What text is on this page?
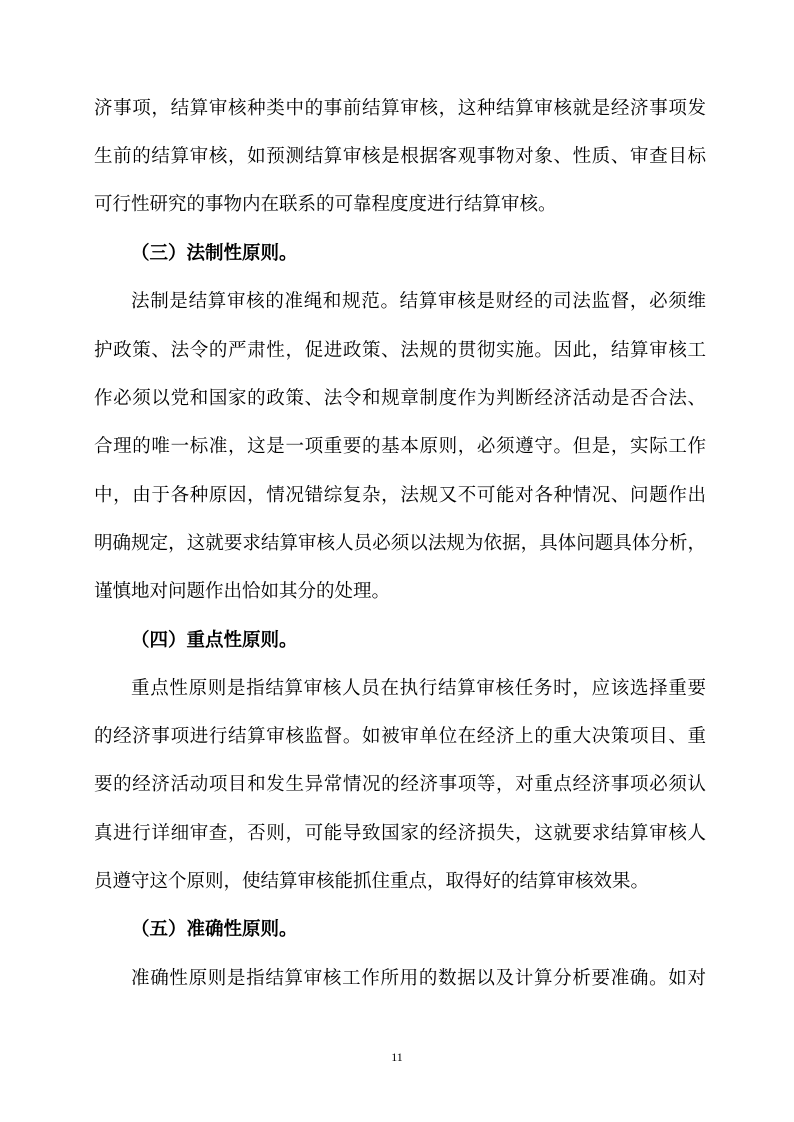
济事项，结算审核种类中的事前结算审核，这种结算审核就是经济事项发
生前的结算审核，如预测结算审核是根据客观事物对象、性质、审查目标
可行性研究的事物内在联系的可靠程度度进行结算审核。
（三）法制性原则。
法制是结算审核的准绳和规范。结算审核是财经的司法监督，必须维
护政策、法令的严肃性，促进政策、法规的贯彻实施。因此，结算审核工
作必须以党和国家的政策、法令和规章制度作为判断经济活动是否合法、
合理的唯一标准，这是一项重要的基本原则，必须遵守。但是，实际工作
中，由于各种原因，情况错综复杂，法规又不可能对各种情况、问题作出
明确规定，这就要求结算审核人员必须以法规为依据，具体问题具体分析，
谨慎地对问题作出恰如其分的处理。
（四）重点性原则。
重点性原则是指结算审核人员在执行结算审核任务时，应该选择重要
的经济事项进行结算审核监督。如被审单位在经济上的重大决策项目、重
要的经济活动项目和发生异常情况的经济事项等，对重点经济事项必须认
真进行详细审查，否则，可能导致国家的经济损失，这就要求结算审核人
员遵守这个原则，使结算审核能抓住重点，取得好的结算审核效果。
（五）准确性原则。
准确性原则是指结算审核工作所用的数据以及计算分析要准确。如对
11
